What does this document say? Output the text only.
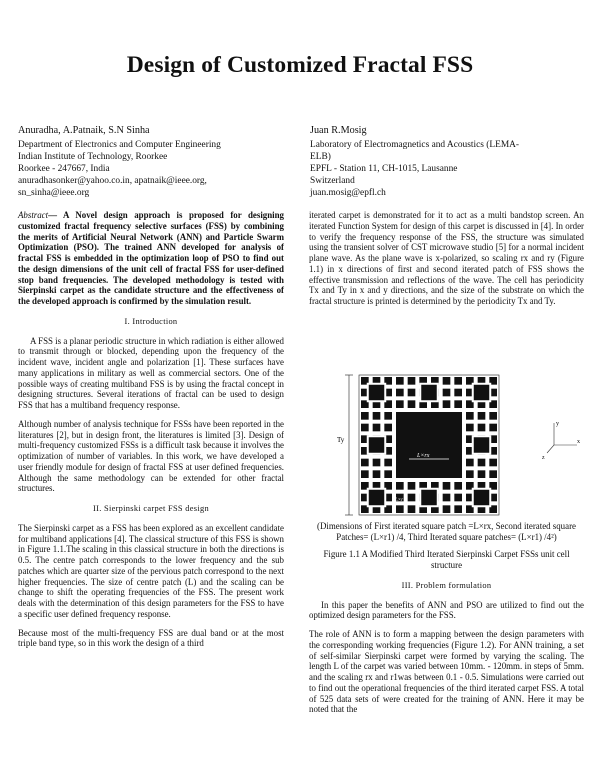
Design of Customized Fractal FSS
Anuradha, A.Patnaik, S.N Sinha
Department of Electronics and Computer Engineering
Indian Institute of Technology, Roorkee
Roorkee - 247667, India
anuradhasonker@yahoo.co.in, apatnaik@ieee.org,
sn_sinha@ieee.org
Juan R.Mosig
Laboratory of Electromagnetics and Acoustics (LEMA-
ELB)
EPFL - Station 11, CH-1015, Lausanne
Switzerland
juan.mosig@epfl.ch

Abstract— A Novel design approach is proposed for designing customized fractal frequency selective surfaces (FSS) by combining the merits of Artificial Neural Network (ANN) and Particle Swarm Optimization (PSO). The trained ANN developed for analysis of fractal FSS is embedded in the optimization loop of PSO to find out the design dimensions of the unit cell of fractal FSS for user-defined stop band frequencies. The developed methodology is tested with Sierpinski carpet as the candidate structure and the effectiveness of the developed approach is confirmed by the simulation result.

I. Introduction

A FSS is a planar periodic structure in which radiation is either allowed to transmit through or blocked, depending upon the frequency of the incident wave, incident angle and polarization [1]. These surfaces have many applications in military as well as commercial sectors. One of the possible ways of creating multiband FSS is by using the fractal concept in designing structures. Several iterations of fractal can be used to design FSS that has a multiband frequency response.

Although number of analysis technique for FSSs have been reported in the literatures [2], but in design front, the literatures is limited [3]. Design of multi-frequency customized FSSs is a difficult task because it involves the optimization of number of variables. In this work, we have developed a user friendly module for design of fractal FSS at user defined frequencies. Although the same methodology can be extended for other fractal structures.

II. Sierpinski carpet FSS design

The Sierpinski carpet as a FSS has been explored as an excellent candidate for multiband applications [4]. The classical structure of this FSS is shown in Figure 1.1.The scaling in this classical structure in both the directions is 0.5. The centre patch corresponds to the lower frequency and the sub patches which are quarter size of the pervious patch correspond to the next higher frequencies. The size of centre patch (L) and the scaling can be change to shift the operating frequencies of the FSS. The present work deals with the determination of this design parameters for the FSS to have a specific user defined frequency response.

Because most of the multi-frequency FSS are dual band or at the most triple band type, so in this work the design of a third

iterated carpet is demonstrated for it to act as a multi bandstop screen. An iterated Function System for design of this carpet is discussed in [4]. In order to verify the frequency response of the FSS, the structure was simulated using the transient solver of CST microwave studio [5] for a normal incident plane wave. As the plane wave is x-polarized, so scaling rx and ry (Figure 1.1) in x directions of first and second iterated patch of FSS shows the effective transmission and reflections of the wave. The cell has periodicity Tx and Ty in x and y directions, and the size of the substrate on which the fractal structure is printed is determined by the periodicity Tx and Ty.

Ty
L×rx
L×r
y
x
z

(Dimensions of First iterated square patch =L×rx, Second iterated square Patches= (L×r1) /4, Third Iterated square patches= (L×r1) /4²)

Figure 1.1 A Modified Third Iterated Sierpinski Carpet FSSs unit cell structure

III. Problem formulation

In this paper the benefits of ANN and PSO are utilized to find out the optimized design parameters for the FSS.

The role of ANN is to form a mapping between the design parameters with the corresponding working frequencies (Figure 1.2). For ANN training, a set of self-similar Sierpinski carpet were formed by varying the scaling. The length L of the carpet was varied between 10mm. - 120mm. in steps of 5mm. and the scaling rx and r1was between 0.1 - 0.5. Simulations were carried out to find out the operational frequencies of the third iterated carpet FSS. A total of 525 data sets of were created for the training of ANN. Here it may be noted that the
